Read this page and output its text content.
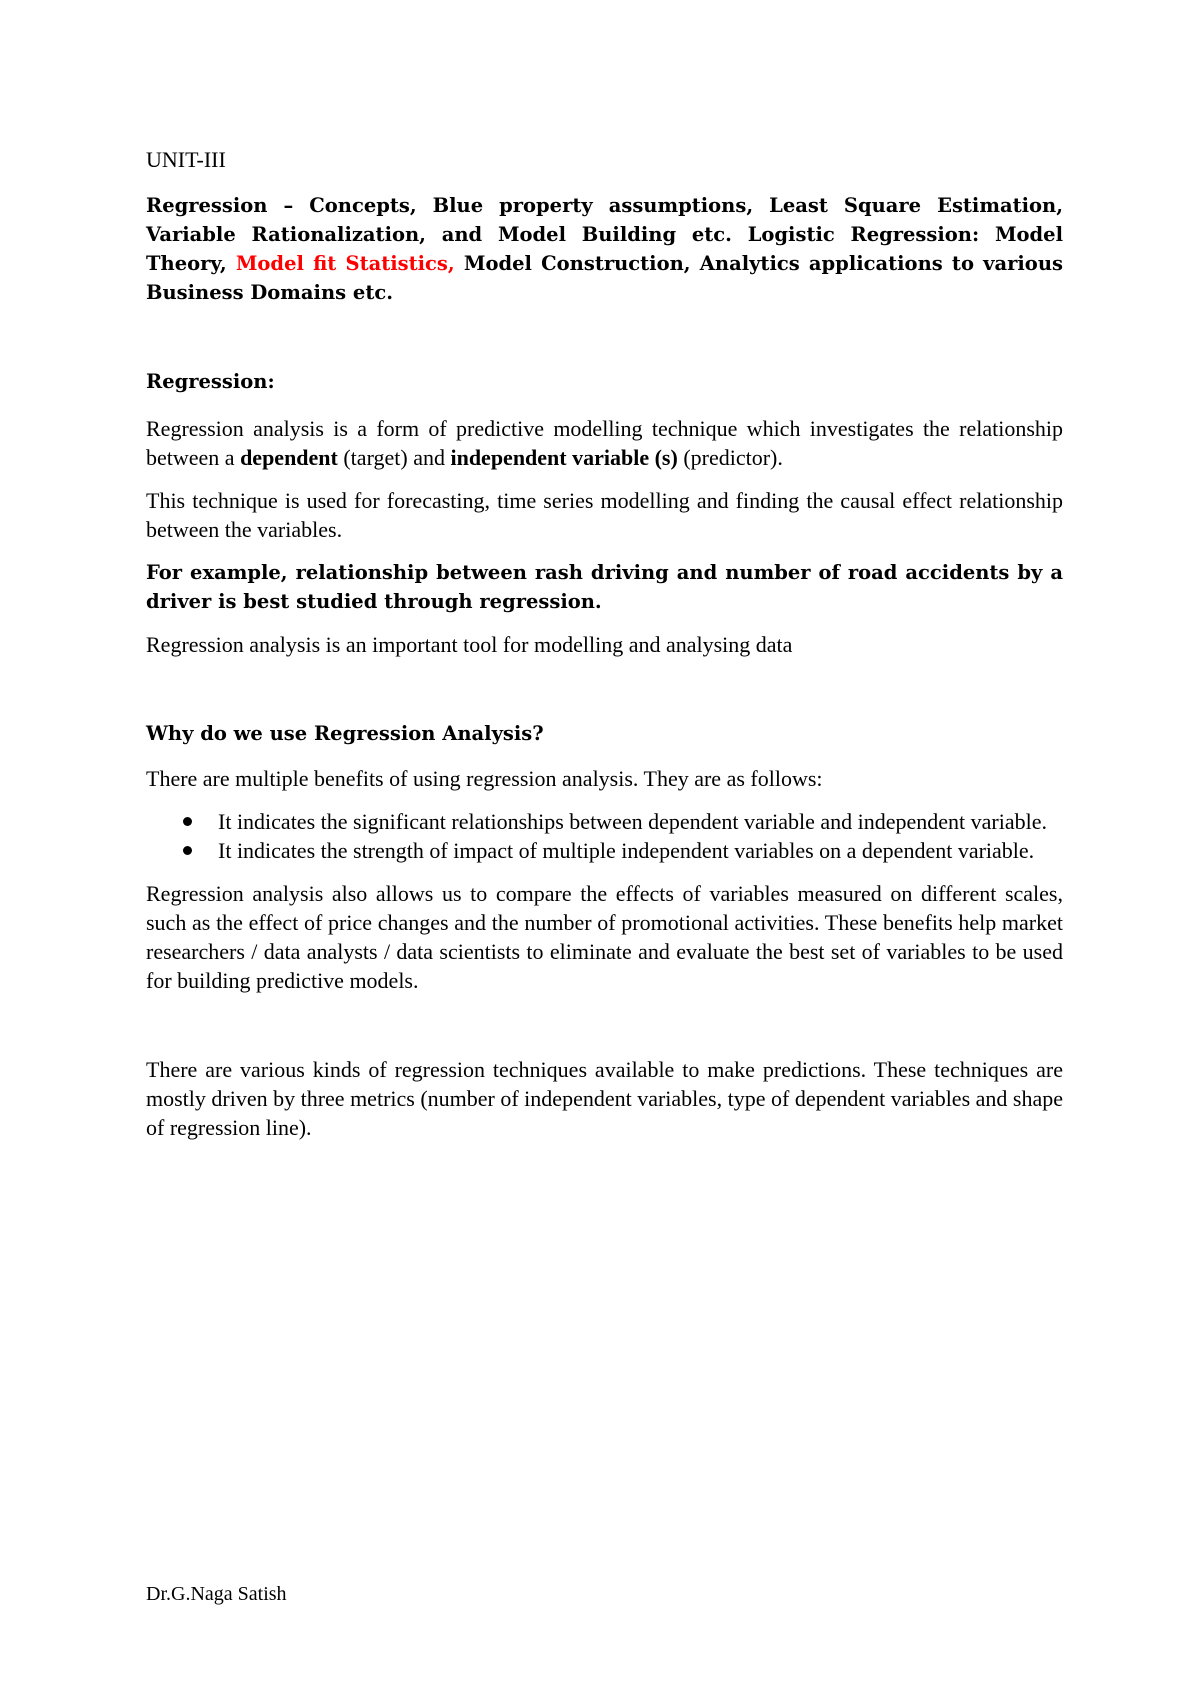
UNIT-III

Regression – Concepts, Blue property assumptions, Least Square Estimation, Variable Rationalization, and Model Building etc. Logistic Regression: Model Theory, Model fit Statistics, Model Construction, Analytics applications to various Business Domains etc.

Regression:

Regression analysis is a form of predictive modelling technique which investigates the relationship between a dependent (target) and independent variable (s) (predictor).

This technique is used for forecasting, time series modelling and finding the causal effect relationship between the variables.

For example, relationship between rash driving and number of road accidents by a driver is best studied through regression.

Regression analysis is an important tool for modelling and analysing data

Why do we use Regression Analysis?

There are multiple benefits of using regression analysis. They are as follows:

It indicates the significant relationships between dependent variable and independent variable.
It indicates the strength of impact of multiple independent variables on a dependent variable.

Regression analysis also allows us to compare the effects of variables measured on different scales, such as the effect of price changes and the number of promotional activities. These benefits help market researchers / data analysts / data scientists to eliminate and evaluate the best set of variables to be used for building predictive models.

There are various kinds of regression techniques available to make predictions. These techniques are mostly driven by three metrics (number of independent variables, type of dependent variables and shape of regression line).

Dr.G.Naga Satish
